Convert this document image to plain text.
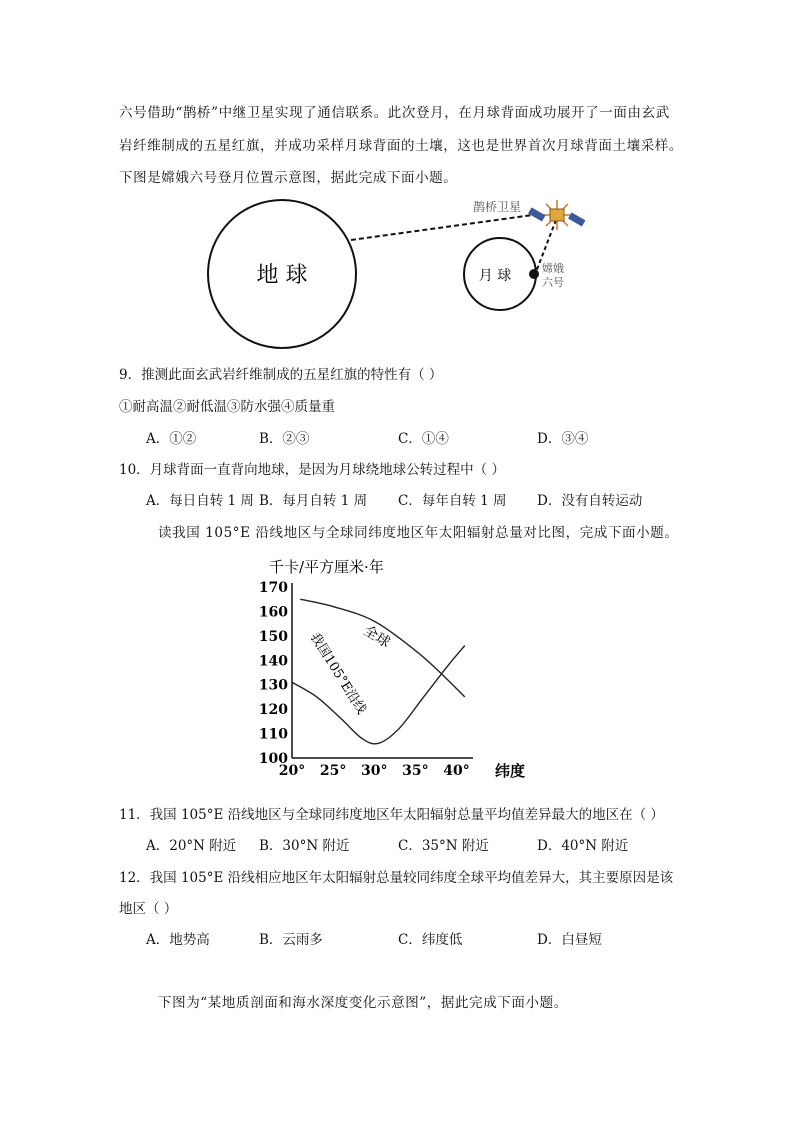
六号借助“鹊桥”中继卫星实现了通信联系。此次登月，在月球背面成功展开了一面由玄武
岩纤维制成的五星红旗，并成功采样月球背面的土壤，这也是世界首次月球背面土壤采样。
下图是嫦娥六号登月位置示意图，据此完成下面小题。
地 球	月 球
鹊桥卫星
嫦娥
六号
9．推测此面玄武岩纤维制成的五星红旗的特性有（ ）
①耐高温②耐低温③防水强④质量重
A．①②	B．②③	C．①④	D．③④
10．月球背面一直背向地球，是因为月球绕地球公转过程中（ ）
A．每日自转 1 周 B．每月自转 1 周 C．每年自转 1 周 D．没有自转运动
读我国 105°E 沿线地区与全球同纬度地区年太阳辐射总量对比图，完成下面小题。
千卡/平方厘米·年
100
110
120
130
140
150
160
170
20° 25° 30° 35° 40°
全球
我国105°E沿线
纬度
11．我国 105°E 沿线地区与全球同纬度地区年太阳辐射总量平均值差异最大的地区在（ ）
A．20°N 附近 B．30°N 附近	C．35°N 附近	D．40°N 附近
12．我国 105°E 沿线相应地区年太阳辐射总量较同纬度全球平均值差异大，其主要原因是该
地区（ ）
A．地势高	B．云雨多	C．纬度低	D．白昼短
下图为“某地质剖面和海水深度变化示意图”，据此完成下面小题。
